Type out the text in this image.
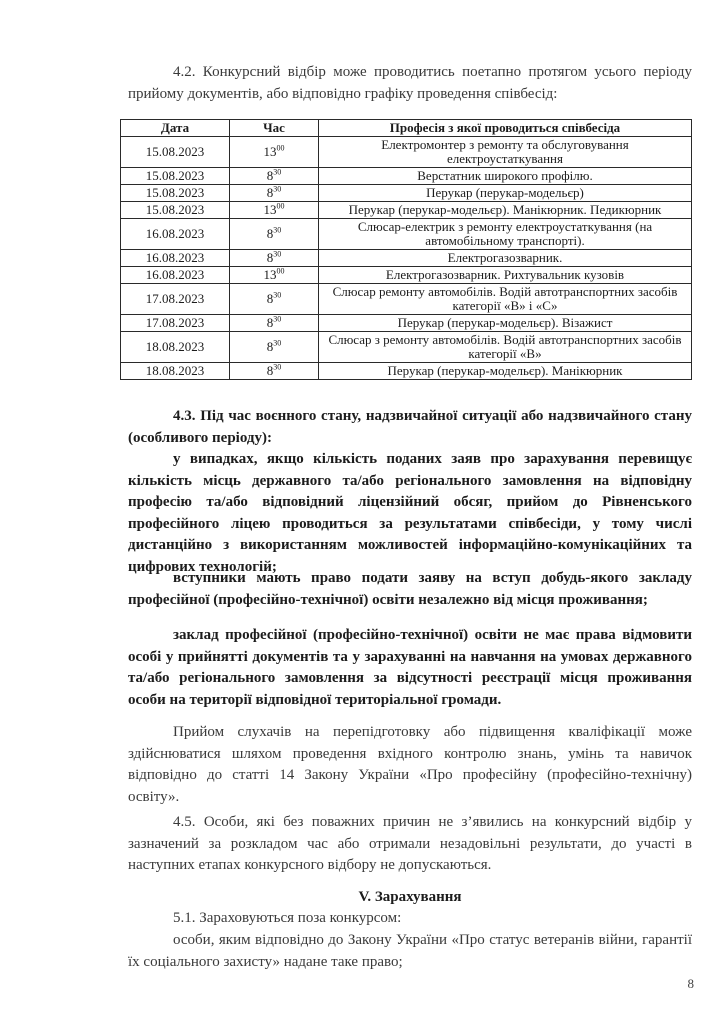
4.2. Конкурсний відбір може проводитись поетапно протягом усього періоду прийому документів, або відповідно графіку проведення співбесід:

Дата	Час	Професія з якої проводиться співбесіда
15.08.2023	$13^{00}$	Електромонтер з ремонту та обслуговування електроустаткування
15.08.2023	$8^{30}$	Верстатник широкого профілю.
15.08.2023	$8^{30}$	Перукар (перукар-модельєр)
15.08.2023	$13^{00}$	Перукар (перукар-модельєр). Манікюрник. Педикюрник
16.08.2023	$8^{30}$	Слюсар-електрик з ремонту електроустаткування (на автомобільному транспорті).
16.08.2023	$8^{30}$	Електрогазозварник.
16.08.2023	$13^{00}$	Електрогазозварник. Рихтувальник кузовів
17.08.2023	$8^{30}$	Слюсар ремонту автомобілів. Водій автотранспортних засобів категорії «В» і «С»
17.08.2023	$8^{30}$	Перукар (перукар-модельєр). Візажист
18.08.2023	$8^{30}$	Слюсар з ремонту автомобілів. Водій автотранспортних засобів категорії «В»
18.08.2023	$8^{30}$	Перукар (перукар-модельєр). Манікюрник

4.3. Під час воєнного стану, надзвичайної ситуації або надзвичайного стану (особливого періоду):

у випадках, якщо кількість поданих заяв про зарахування перевищує кількість місць державного та/або регіонального замовлення на відповідну професію та/або відповідний ліцензійний обсяг, прийом до Рівненського професійного ліцею проводиться за результатами співбесіди, у тому числі дистанційно з використанням можливостей інформаційно-комунікаційних та цифрових технологій;

вступники мають право подати заяву на вступ добудь-якого закладу професійної (професійно-технічної) освіти незалежно від місця проживання;

заклад професійної (професійно-технічної) освіти не має права відмовити особі у прийнятті документів та у зарахуванні на навчання на умовах державного та/або регіонального замовлення за відсутності реєстрації місця проживання особи на території відповідної територіальної громади.

Прийом слухачів на перепідготовку або підвищення кваліфікації може здійснюватися шляхом проведення вхідного контролю знань, умінь та навичок відповідно до статті 14 Закону України «Про професійну (професійно-технічну) освіту».

4.5. Особи, які без поважних причин не з’явились на конкурсний відбір у зазначений за розкладом час або отримали незадовільні результати, до участі в наступних етапах конкурсного відбору не допускаються.

V. Зарахування

5.1. Зараховуються поза конкурсом:

особи, яким відповідно до Закону України «Про статус ветеранів війни, гарантії їх соціального захисту» надане таке право;

8
